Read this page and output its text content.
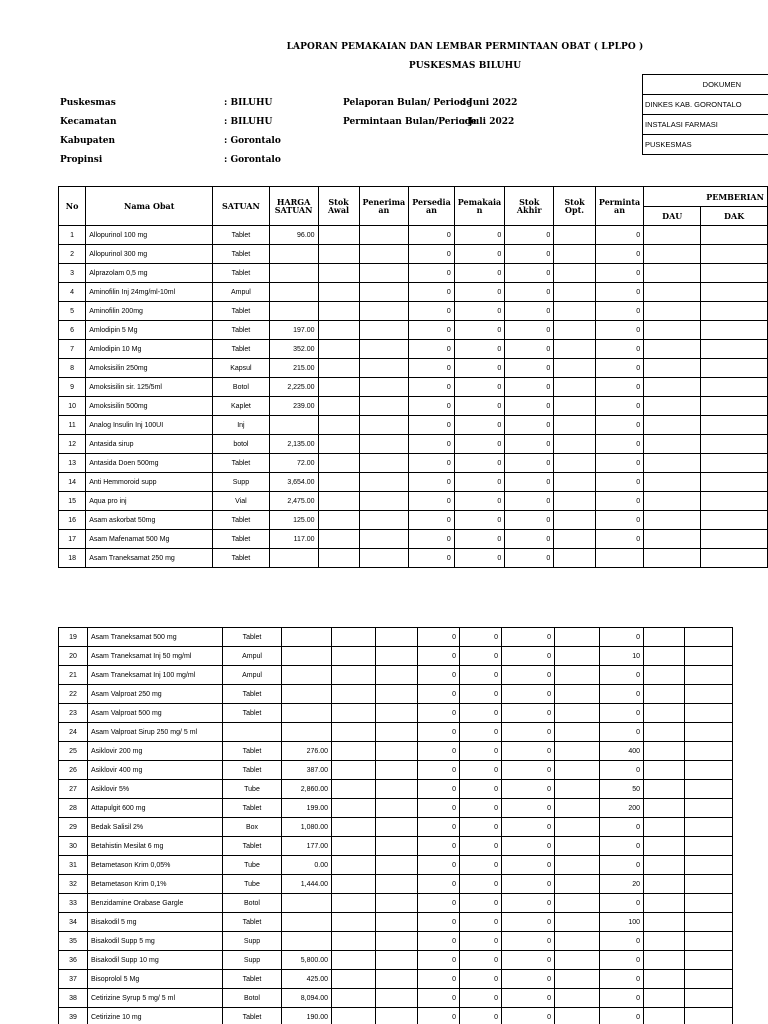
LAPORAN PEMAKAIAN DAN LEMBAR PERMINTAAN OBAT ( LPLPO )
PUSKESMAS BILUHU
Puskesmas	: BILUHU
Kecamatan	: BILUHU
Kabupaten	: Gorontalo
Propinsi	: Gorontalo
Pelaporan Bulan/ Periode
: Juni 2022
Permintaan Bulan/Periode
: Juli 2022
DOKUMEN
DINKES KAB. GORONTALO
INSTALASI FARMASI
PUSKESMAS
No	Nama Obat	SATUAN	HARGA SATUAN	Stok Awal	Penerima an	Persedia an	Pemakaia n	Stok Akhir	Stok Opt.	Perminta an	PEMBERIAN	
											DAU	DAK
1	Allopurinol 100 mg	Tablet	96.00			0	0	0		0		
2	Allopurinol 300 mg	Tablet				0	0	0		0		
3	Alprazolam 0,5 mg	Tablet				0	0	0		0		
4	Aminofilin Inj 24mg/ml-10ml	Ampul				0	0	0		0		
5	Aminofilin 200mg	Tablet				0	0	0		0		
6	Amlodipin 5 Mg	Tablet	197.00			0	0	0		0		
7	Amlodipin 10 Mg	Tablet	352.00			0	0	0		0		
8	Amoksisilin 250mg	Kapsul	215.00			0	0	0		0		
9	Amoksisilin sir. 125/5ml	Botol	2,225.00			0	0	0		0		
10	Amoksisilin 500mg	Kaplet	239.00			0	0	0		0		
11	Analog Insulin Inj 100UI	Inj				0	0	0		0		
12	Antasida sirup	botol	2,135.00			0	0	0		0		
13	Antasida Doen 500mg	Tablet	72.00			0	0	0		0		
14	Anti Hemmoroid supp	Supp	3,654.00			0	0	0		0		
15	Aqua pro inj	Vial	2,475.00			0	0	0		0		
16	Asam askorbat 50mg	Tablet	125.00			0	0	0		0		
17	Asam Mafenamat 500 Mg	Tablet	117.00			0	0	0		0		
18	Asam Traneksamat 250 mg	Tablet				0	0	0				
19	Asam Traneksamat 500 mg	Tablet				0	0	0		0		
20	Asam Traneksamat Inj 50 mg/ml	Ampul				0	0	0		10		
21	Asam Traneksamat Inj 100 mg/ml	Ampul				0	0	0		0		
22	Asam Valproat 250 mg	Tablet				0	0	0		0		
23	Asam Valproat 500 mg	Tablet				0	0	0		0		
24	Asam Valproat Sirup 250 mg/ 5 ml					0	0	0		0		
25	Asiklovir 200 mg	Tablet	276.00			0	0	0		400		
26	Asiklovir 400 mg	Tablet	387.00			0	0	0		0		
27	Asiklovir 5%	Tube	2,860.00			0	0	0		50		
28	Attapulgit 600 mg	Tablet	199.00			0	0	0		200		
29	Bedak Salisil 2%	Box	1,080.00			0	0	0		0		
30	Betahistin Mesilat 6 mg	Tablet	177.00			0	0	0		0		
31	Betametason Krim 0,05%	Tube	0.00			0	0	0		0		
32	Betametason Krim 0,1%	Tube	1,444.00			0	0	0		20		
33	Benzidamine Orabase Gargle	Botol				0	0	0		0		
34	Bisakodil 5 mg	Tablet				0	0	0		100		
35	Bisakodil Supp 5 mg	Supp				0	0	0		0		
36	Bisakodil Supp 10 mg	Supp	5,800.00			0	0	0		0		
37	Bisoprolol 5 Mg	Tablet	425.00			0	0	0		0		
38	Cetirizine Syrup 5 mg/ 5 ml	Botol	8,094.00			0	0	0		0		
39	Cetirizine 10 mg	Tablet	190.00			0	0	0		0		
